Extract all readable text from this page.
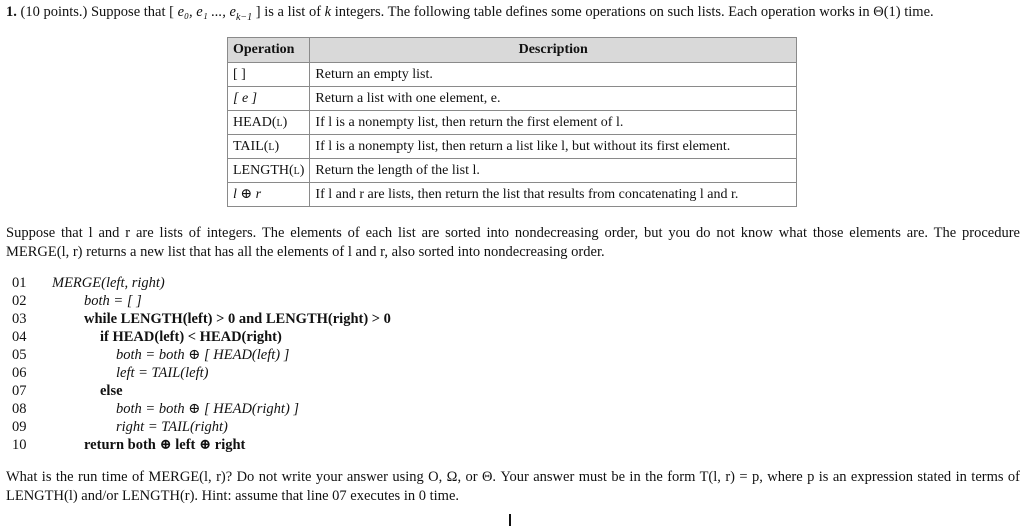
1. (10 points.) Suppose that [ e₀, e₁ ..., $e_{k-1}$ ] is a list of k integers. The following table defines some operations on such lists. Each operation works in Θ(1) time.
Operation	Description
[ ]	Return an empty list.
[ e ]	Return a list with one element, e.
HEAD(l)	If l is a nonempty list, then return the first element of l.
TAIL(l)	If l is a nonempty list, then return a list like l, but without its first element.
LENGTH(l)	Return the length of the list l.
l ⊕ r	If l and r are lists, then return the list that results from concatenating l and r.
Suppose that l and r are lists of integers. The elements of each list are sorted into nondecreasing order, but you do not know what those elements are. The procedure MERGE(l, r) returns a new list that has all the elements of l and r, also sorted into nondecreasing order.
01 MERGE(left, right)
02	both = [ ]
03	while LENGTH(left) > 0 and LENGTH(right) > 0
04	if HEAD(left) < HEAD(right)
05	both = both ⊕ [ HEAD(left) ]
06	left = TAIL(left)
07	else
08	both = both ⊕ [ HEAD(right) ]
09	right = TAIL(right)
10	return both ⊕ left ⊕ right
What is the run time of MERGE(l, r)? Do not write your answer using O, Ω, or Θ. Your answer must be in the form T(l, r) = p, where p is an expression stated in terms of LENGTH(l) and/or LENGTH(r). Hint: assume that line 07 executes in 0 time.
